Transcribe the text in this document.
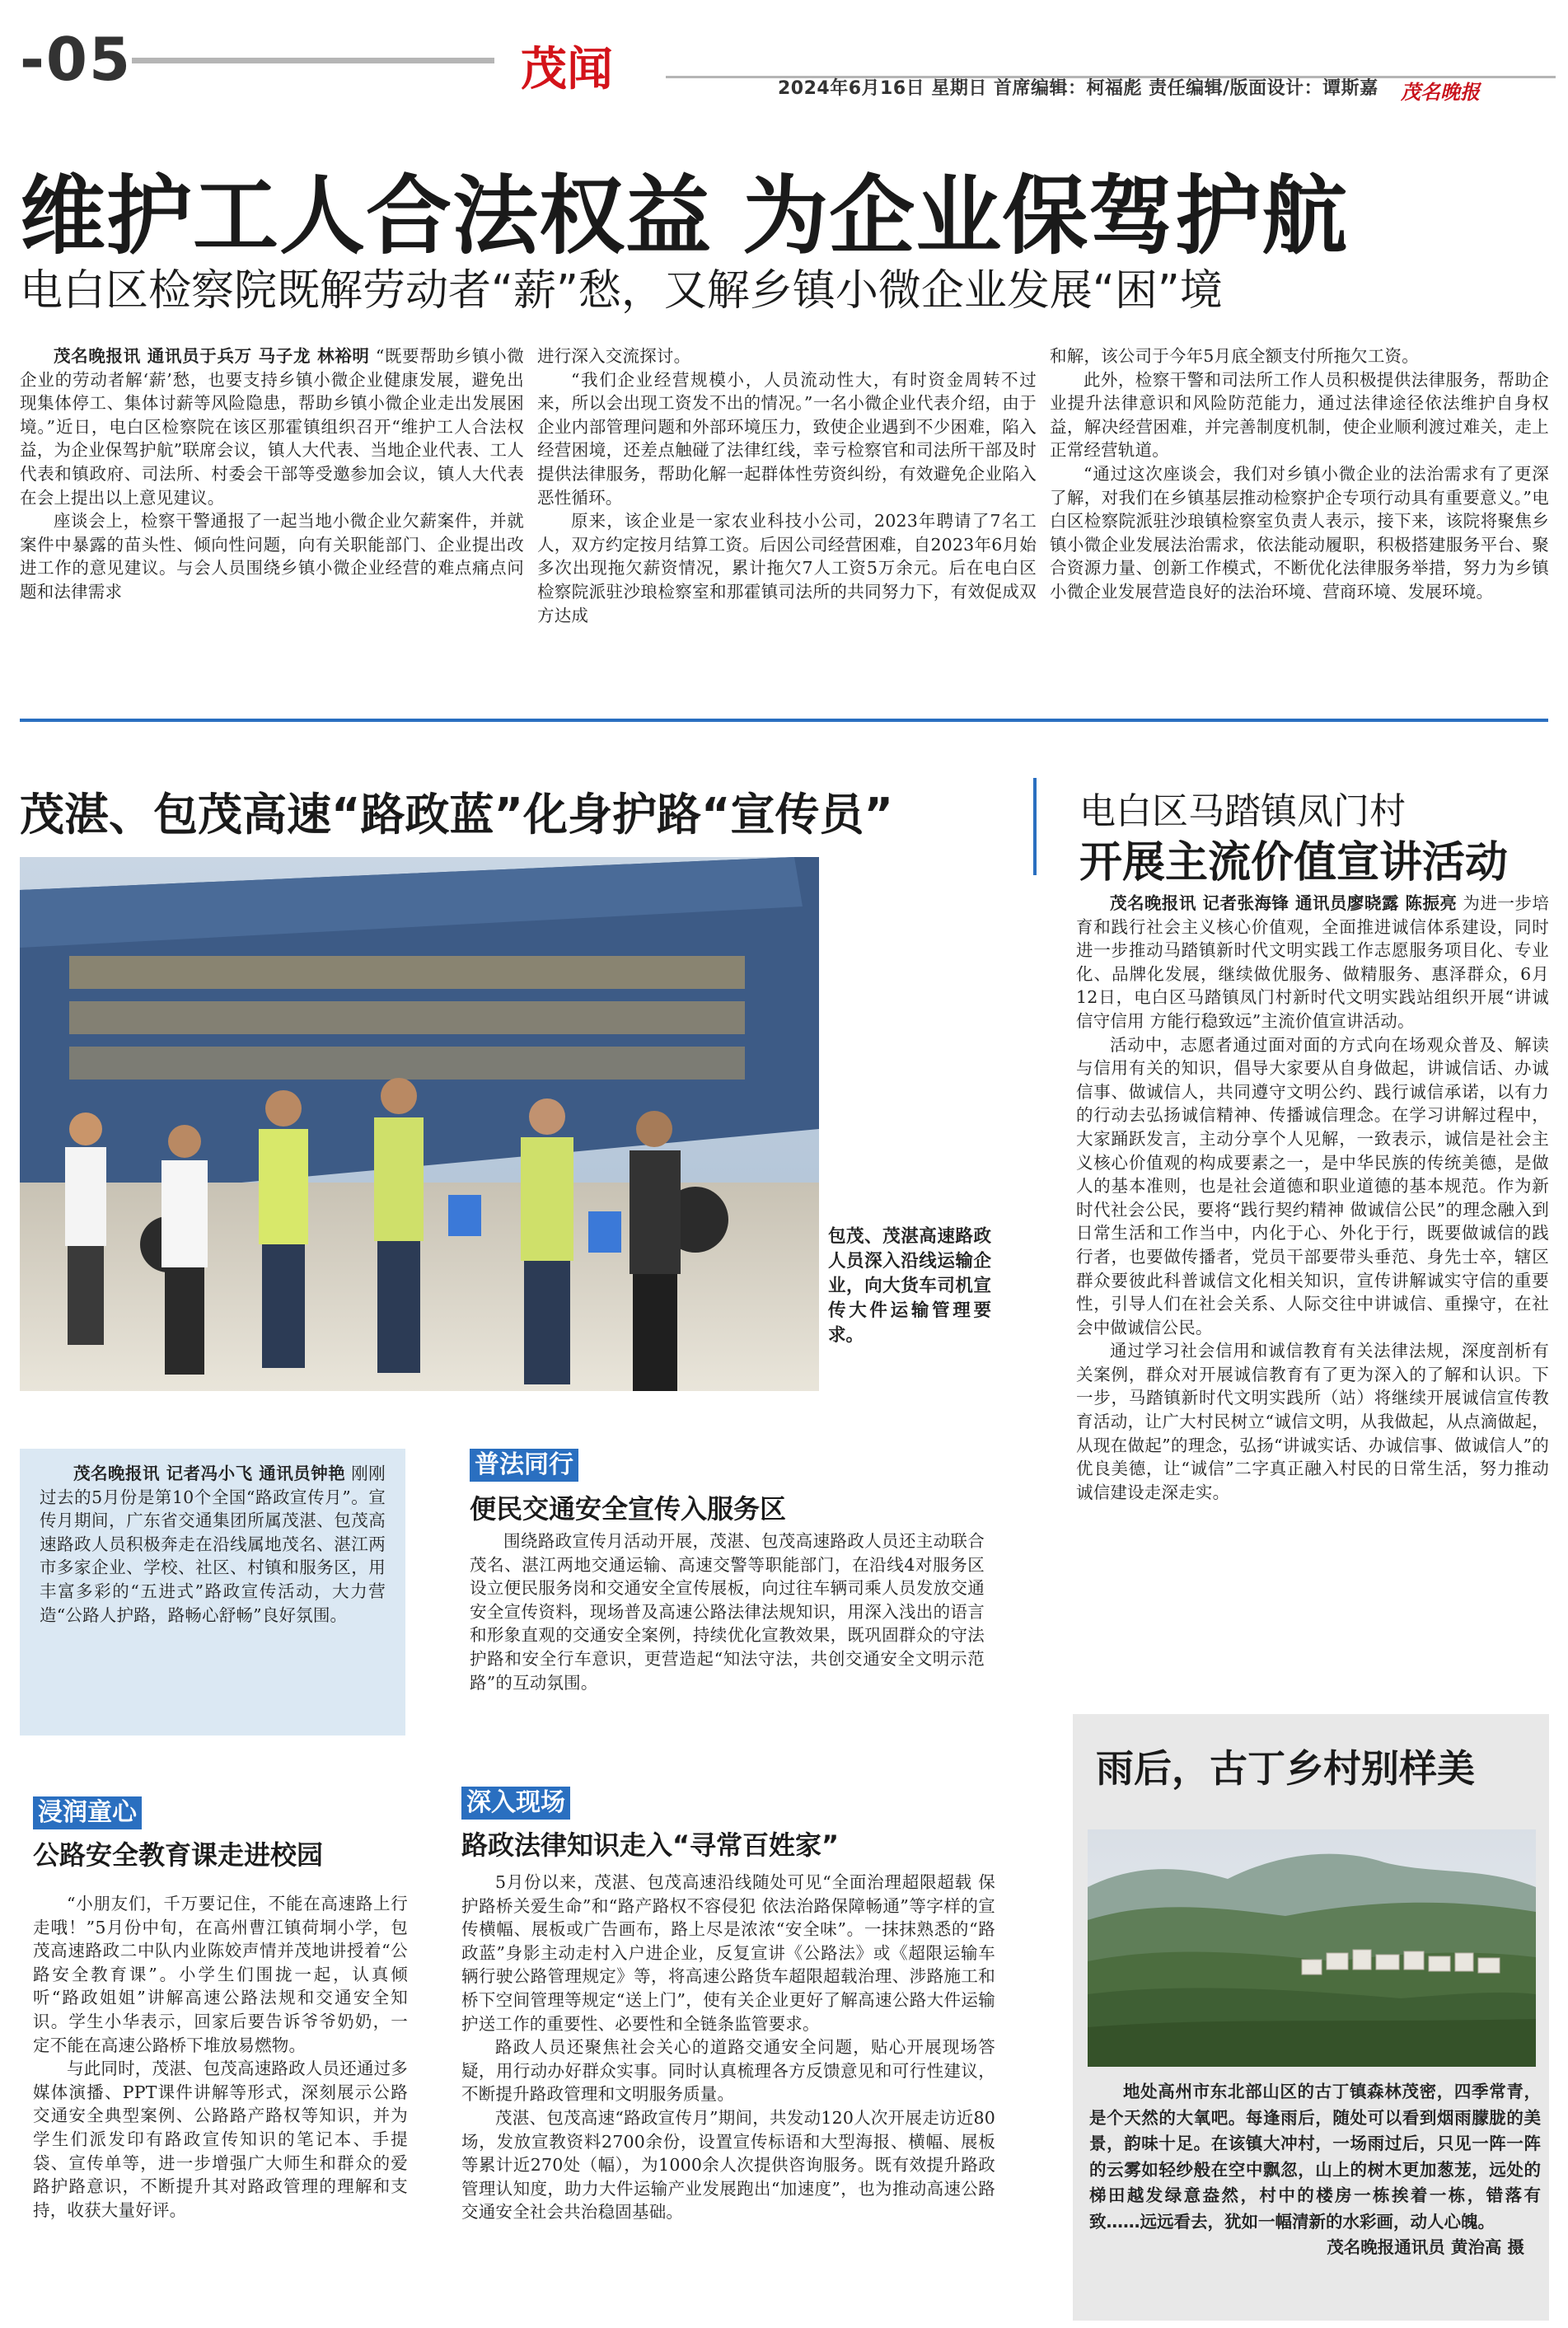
-05	茂闻	2024年6月16日 星期日 首席编辑：柯福彪 责任编辑/版面设计：谭斯嘉 茂名晚报
维护工人合法权益 为企业保驾护航
电白区检察院既解劳动者“薪”愁，又解乡镇小微企业发展“困”境

茂名晚报讯 通讯员于兵万 马子龙 林裕明 “既要帮助乡镇小微企业的劳动者解‘薪’愁，也要支持乡镇小微企业健康发展，避免出现集体停工、集体讨薪等风险隐患，帮助乡镇小微企业走出发展困境。”近日，电白区检察院在该区那霍镇组织召开“维护工人合法权益，为企业保驾护航”联席会议，镇人大代表、当地企业代表、工人代表和镇政府、司法所、村委会干部等受邀参加会议，镇人大代表在会上提出以上意见建议。

座谈会上，检察干警通报了一起当地小微企业欠薪案件，并就案件中暴露的苗头性、倾向性问题，向有关职能部门、企业提出改进工作的意见建议。与会人员围绕乡镇小微企业经营的难点痛点问题和法律需求

进行深入交流探讨。

“我们企业经营规模小，人员流动性大，有时资金周转不过来，所以会出现工资发不出的情况。”一名小微企业代表介绍，由于企业内部管理问题和外部环境压力，致使企业遇到不少困难，陷入经营困境，还差点触碰了法律红线，幸亏检察官和司法所干部及时提供法律服务，帮助化解一起群体性劳资纠纷，有效避免企业陷入恶性循环。

原来，该企业是一家农业科技小公司，2023年聘请了7名工人，双方约定按月结算工资。后因公司经营困难，自2023年6月始多次出现拖欠薪资情况，累计拖欠7人工资5万余元。后在电白区检察院派驻沙琅检察室和那霍镇司法所的共同努力下，有效促成双方达成

和解，该公司于今年5月底全额支付所拖欠工资。

此外，检察干警和司法所工作人员积极提供法律服务，帮助企业提升法律意识和风险防范能力，通过法律途径依法维护自身权益，解决经营困难，并完善制度机制，使企业顺利渡过难关，走上正常经营轨道。

“通过这次座谈会，我们对乡镇小微企业的法治需求有了更深了解，对我们在乡镇基层推动检察护企专项行动具有重要意义。”电白区检察院派驻沙琅镇检察室负责人表示，接下来，该院将聚焦乡镇小微企业发展法治需求，依法能动履职，积极搭建服务平台、聚合资源力量、创新工作模式，不断优化法律服务举措，努力为乡镇小微企业发展营造良好的法治环境、营商环境、发展环境。

茂湛、包茂高速“路政蓝”化身护路“宣传员”
包茂、茂湛高速路政人员深入沿线运输企业，向大货车司机宣传大件运输管理要求。

茂名晚报讯 记者冯小飞 通讯员钟艳 刚刚过去的5月份是第10个全国“路政宣传月”。宣传月期间，广东省交通集团所属茂湛、包茂高速路政人员积极奔走在沿线属地茂名、湛江两市多家企业、学校、社区、村镇和服务区，用丰富多彩的“五进式”路政宣传活动，大力营造“公路人护路，路畅心舒畅”良好氛围。

普法同行
便民交通安全宣传入服务区

围绕路政宣传月活动开展，茂湛、包茂高速路政人员还主动联合茂名、湛江两地交通运输、高速交警等职能部门，在沿线4对服务区设立便民服务岗和交通安全宣传展板，向过往车辆司乘人员发放交通安全宣传资料，现场普及高速公路法律法规知识，用深入浅出的语言和形象直观的交通安全案例，持续优化宣教效果，既巩固群众的守法护路和安全行车意识，更营造起“知法守法，共创交通安全文明示范路”的互动氛围。

浸润童心
公路安全教育课走进校园

“小朋友们，千万要记住，不能在高速路上行走哦！”5月份中旬，在高州曹江镇荷垌小学，包茂高速路政二中队内业陈姣声情并茂地讲授着“公路安全教育课”。小学生们围拢一起，认真倾听“路政姐姐”讲解高速公路法规和交通安全知识。学生小华表示，回家后要告诉爷爷奶奶，一定不能在高速公路桥下堆放易燃物。

与此同时，茂湛、包茂高速路政人员还通过多媒体演播、PPT课件讲解等形式，深刻展示公路交通安全典型案例、公路路产路权等知识，并为学生们派发印有路政宣传知识的笔记本、手提袋、宣传单等，进一步增强广大师生和群众的爱路护路意识，不断提升其对路政管理的理解和支持，收获大量好评。

深入现场
路政法律知识走入“寻常百姓家”

5月份以来，茂湛、包茂高速沿线随处可见“全面治理超限超载 保护路桥关爱生命”和“路产路权不容侵犯 依法治路保障畅通”等字样的宣传横幅、展板或广告画布，路上尽是浓浓“安全味”。一抹抹熟悉的“路政蓝”身影主动走村入户进企业，反复宣讲《公路法》或《超限运输车辆行驶公路管理规定》等，将高速公路货车超限超载治理、涉路施工和桥下空间管理等规定“送上门”，使有关企业更好了解高速公路大件运输护送工作的重要性、必要性和全链条监管要求。

路政人员还聚焦社会关心的道路交通安全问题，贴心开展现场答疑，用行动办好群众实事。同时认真梳理各方反馈意见和可行性建议，不断提升路政管理和文明服务质量。

茂湛、包茂高速“路政宣传月”期间，共发动120人次开展走访近80场，发放宣教资料2700余份，设置宣传标语和大型海报、横幅、展板等累计近270处（幅），为1000余人次提供咨询服务。既有效提升路政管理认知度，助力大件运输产业发展跑出“加速度”，也为推动高速公路交通安全社会共治稳固基础。

电白区马踏镇凤门村
开展主流价值宣讲活动

茂名晚报讯 记者张海锋 通讯员廖晓露 陈振亮 为进一步培育和践行社会主义核心价值观，全面推进诚信体系建设，同时进一步推动马踏镇新时代文明实践工作志愿服务项目化、专业化、品牌化发展，继续做优服务、做精服务、惠泽群众，6月12日，电白区马踏镇凤门村新时代文明实践站组织开展“讲诚信守信用 方能行稳致远”主流价值宣讲活动。

活动中，志愿者通过面对面的方式向在场观众普及、解读与信用有关的知识，倡导大家要从自身做起，讲诚信话、办诚信事、做诚信人，共同遵守文明公约、践行诚信承诺，以有力的行动去弘扬诚信精神、传播诚信理念。在学习讲解过程中，大家踊跃发言，主动分享个人见解，一致表示，诚信是社会主义核心价值观的构成要素之一，是中华民族的传统美德，是做人的基本准则，也是社会道德和职业道德的基本规范。作为新时代社会公民，要将“践行契约精神 做诚信公民”的理念融入到日常生活和工作当中，内化于心、外化于行，既要做诚信的践行者，也要做传播者，党员干部要带头垂范、身先士卒，辖区群众要彼此科普诚信文化相关知识，宣传讲解诚实守信的重要性，引导人们在社会关系、人际交往中讲诚信、重操守，在社会中做诚信公民。

通过学习社会信用和诚信教育有关法律法规，深度剖析有关案例，群众对开展诚信教育有了更为深入的了解和认识。下一步，马踏镇新时代文明实践所（站）将继续开展诚信宣传教育活动，让广大村民树立“诚信文明，从我做起，从点滴做起，从现在做起”的理念，弘扬“讲诚实话、办诚信事、做诚信人”的优良美德，让“诚信”二字真正融入村民的日常生活，努力推动诚信建设走深走实。

雨后，古丁乡村别样美

地处高州市东北部山区的古丁镇森林茂密，四季常青，是个天然的大氧吧。每逢雨后，随处可以看到烟雨朦胧的美景，韵味十足。在该镇大冲村，一场雨过后，只见一阵一阵的云雾如轻纱般在空中飘忽，山上的树木更加葱茏，远处的梯田越发绿意盎然，村中的楼房一栋挨着一栋，错落有致……远远看去，犹如一幅清新的水彩画，动人心魄。

茂名晚报通讯员 黄治高 摄
